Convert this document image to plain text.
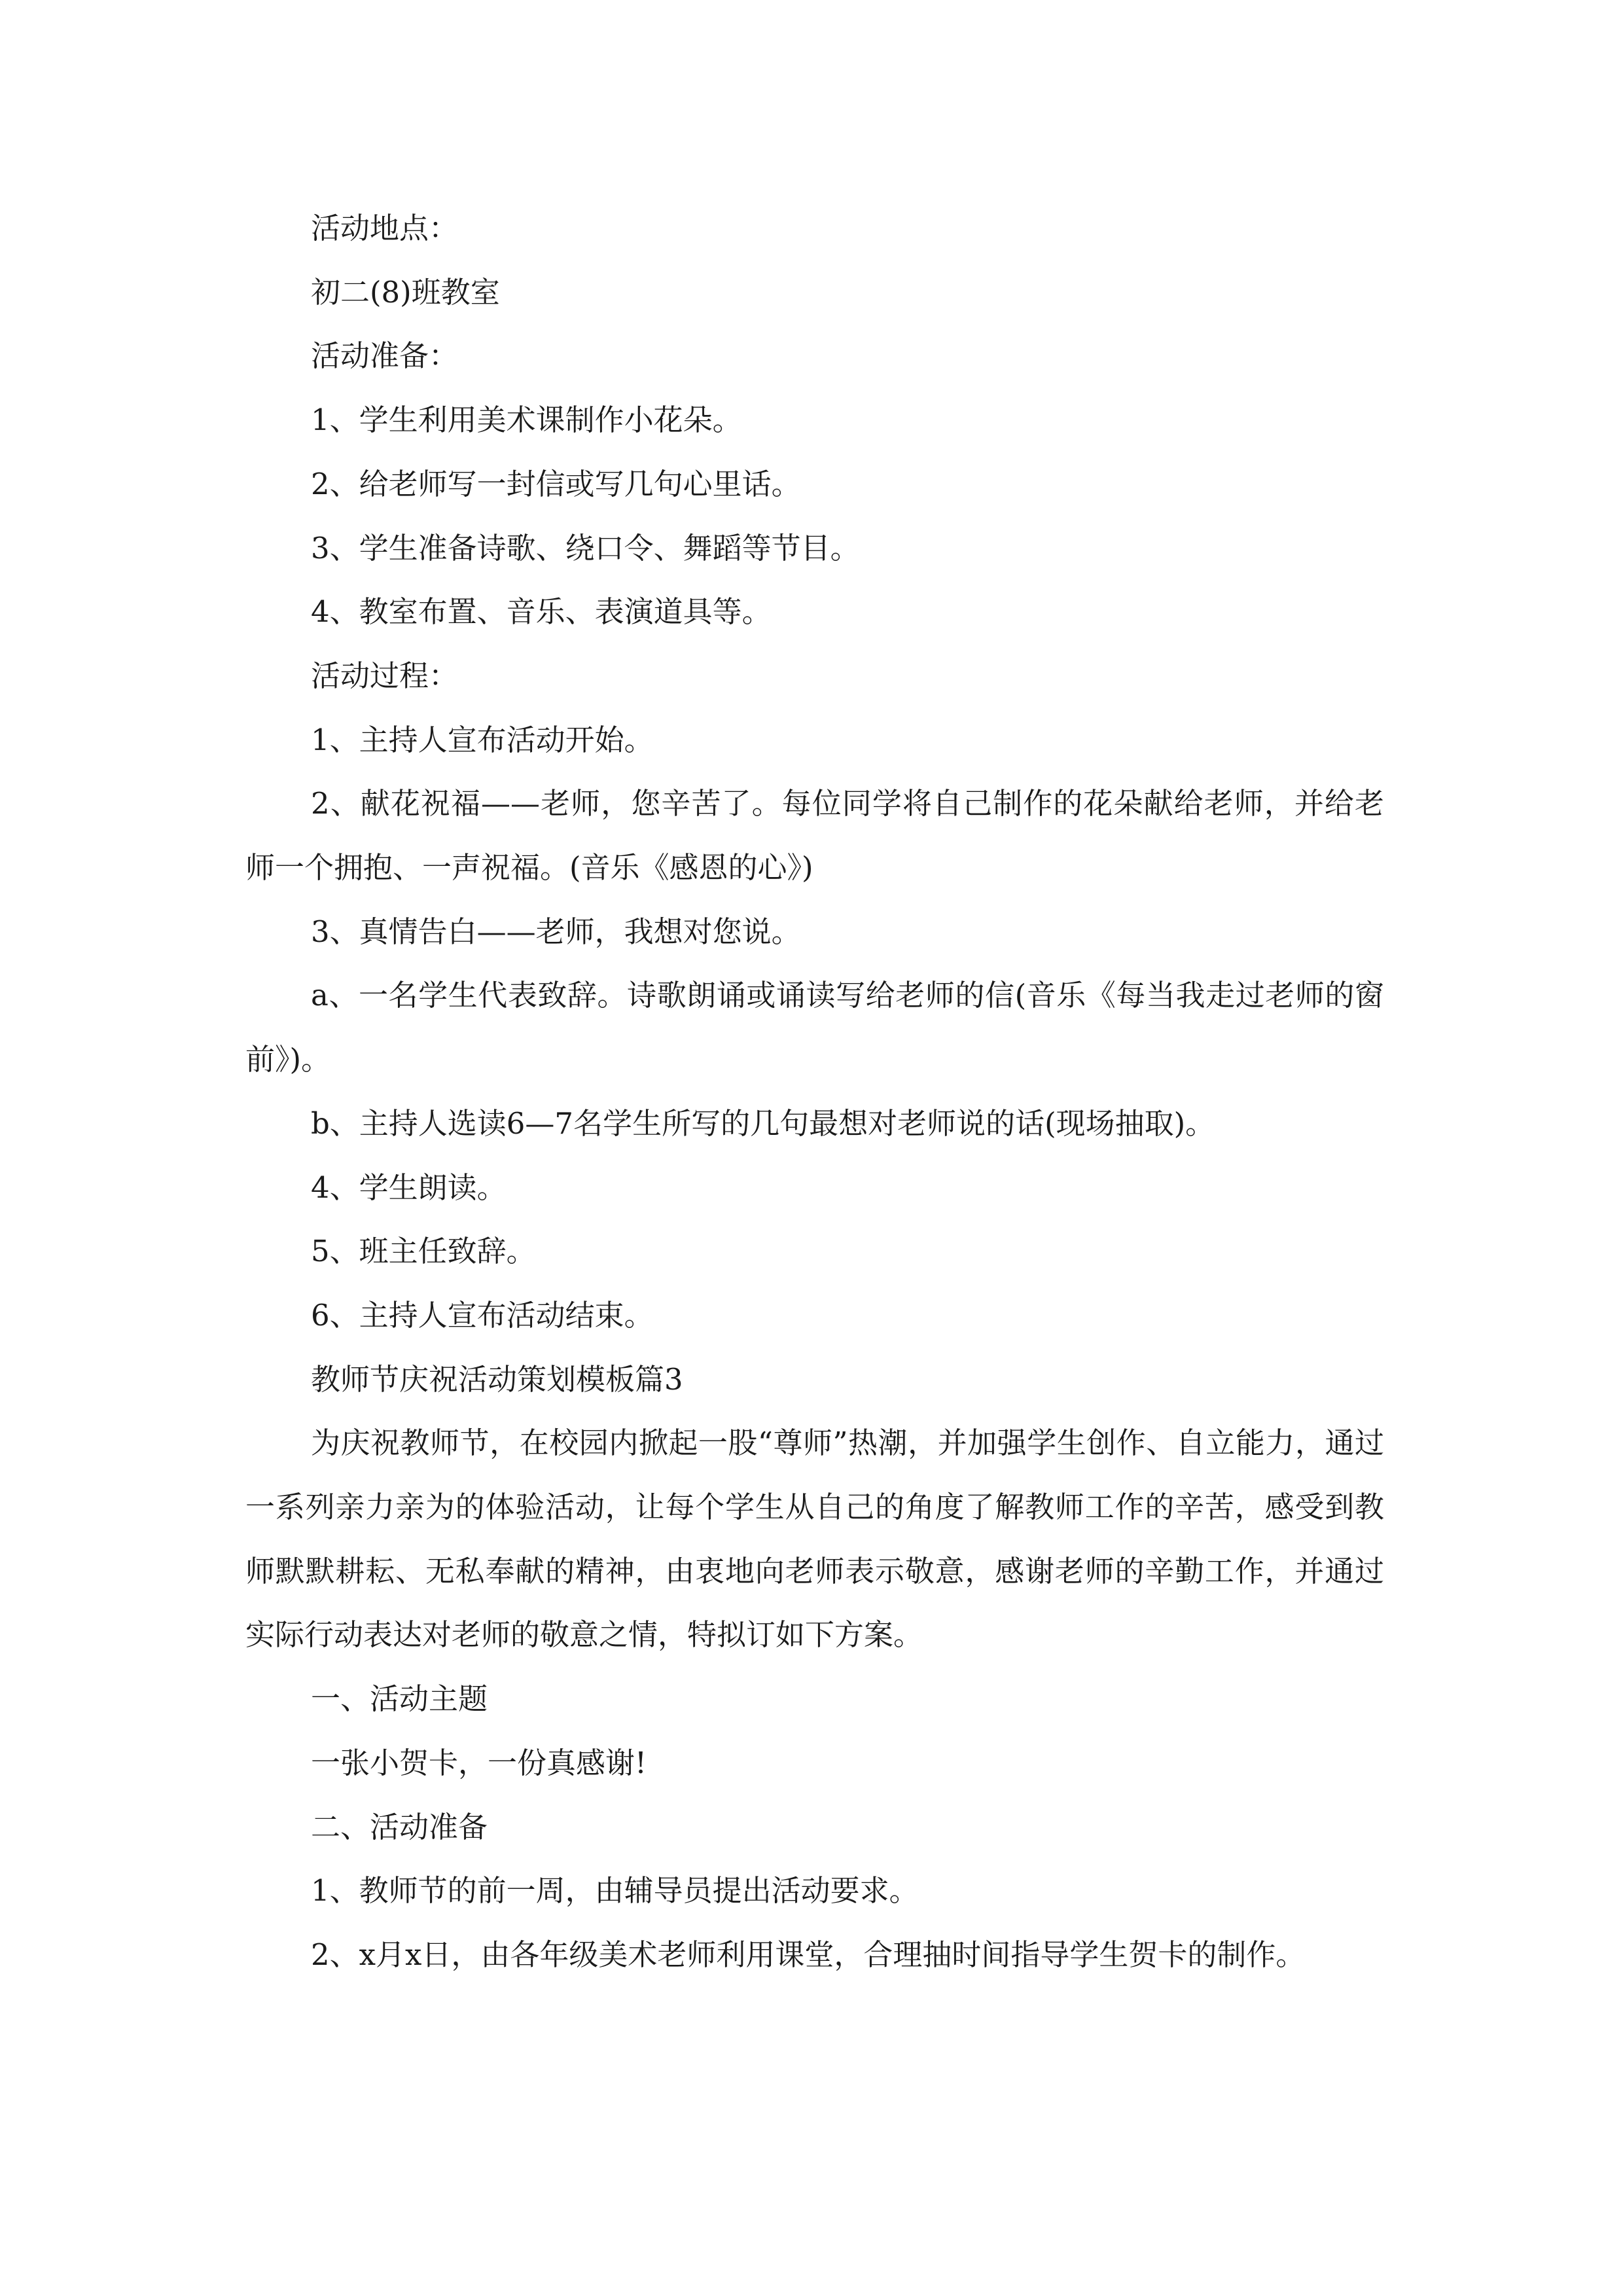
活动地点：

初二(8)班教室

活动准备：

1、学生利用美术课制作小花朵。

2、给老师写一封信或写几句心里话。

3、学生准备诗歌、绕口令、舞蹈等节目。

4、教室布置、音乐、表演道具等。

活动过程：

1、主持人宣布活动开始。

2、献花祝福——老师，您辛苦了。每位同学将自己制作的花朵献给老师，并给老师一个拥抱、一声祝福。(音乐《感恩的心》)

3、真情告白——老师，我想对您说。

a、一名学生代表致辞。诗歌朗诵或诵读写给老师的信(音乐《每当我走过老师的窗前》)。

b、主持人选读6—7名学生所写的几句最想对老师说的话(现场抽取)。

4、学生朗读。

5、班主任致辞。

6、主持人宣布活动结束。

教师节庆祝活动策划模板篇3

为庆祝教师节，在校园内掀起一股“尊师”热潮，并加强学生创作、自立能力，通过一系列亲力亲为的体验活动，让每个学生从自己的角度了解教师工作的辛苦，感受到教师默默耕耘、无私奉献的精神，由衷地向老师表示敬意，感谢老师的辛勤工作，并通过实际行动表达对老师的敬意之情，特拟订如下方案。

一、活动主题

一张小贺卡，一份真感谢!

二、活动准备

1、教师节的前一周，由辅导员提出活动要求。

2、x月x日，由各年级美术老师利用课堂，合理抽时间指导学生贺卡的制作。
